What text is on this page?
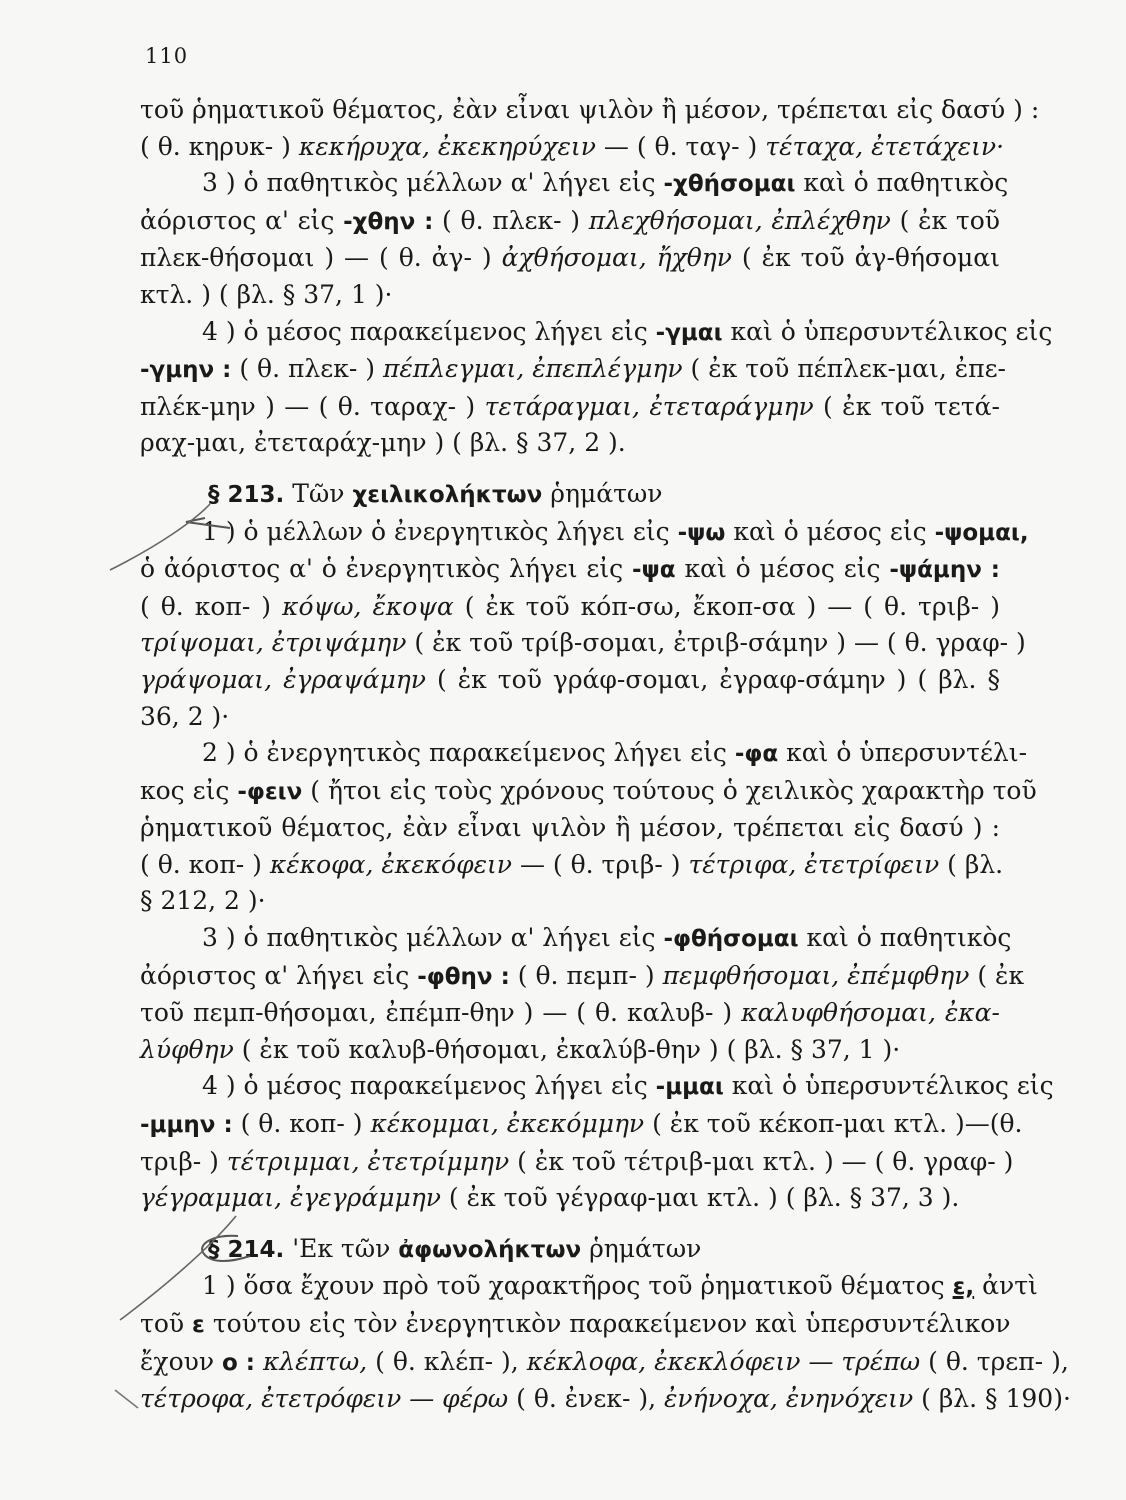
110
τοῦ ῥηματικοῦ θέματος, ἐὰν εἶναι ψιλὸν ἢ μέσον, τρέπεται εἰς δασύ ) :
( θ. κηρυκ- ) κεκήρυχα, ἐκεκηρύχειν — ( θ. ταγ- ) τέταχα, ἐτετάχειν·
3 ) ὁ παθητικὸς μέλλων α' λήγει εἰς -χθήσομαι καὶ ὁ παθητικὸς
ἀόριστος α' εἰς -χθην : ( θ. πλεκ- ) πλεχθήσομαι, ἐπλέχθην ( ἐκ τοῦ
πλεκ-θήσομαι ) — ( θ. ἀγ- ) ἀχθήσομαι, ἤχθην ( ἐκ τοῦ ἀγ-θήσομαι
κτλ. ) ( βλ. § 37, 1 )·
4 ) ὁ μέσος παρακείμενος λήγει εἰς -γμαι καὶ ὁ ὑπερσυντέλικος εἰς
-γμην : ( θ. πλεκ- ) πέπλεγμαι, ἐπεπλέγμην ( ἐκ τοῦ πέπλεκ-μαι, ἐπε-
πλέκ-μην ) — ( θ. ταραχ- ) τετάραγμαι, ἐτεταράγμην ( ἐκ τοῦ τετά-
ραχ-μαι, ἐτεταράχ-μην ) ( βλ. § 37, 2 ).
§ 213. Τῶν χειλικολήκτων ῥημάτων
1 ) ὁ μέλλων ὁ ἐνεργητικὸς λήγει εἰς -ψω καὶ ὁ μέσος εἰς -ψομαι,
ὁ ἀόριστος α' ὁ ἐνεργητικὸς λήγει εἰς -ψα καὶ ὁ μέσος εἰς -ψάμην :
( θ. κοπ- ) κόψω, ἔκοψα ( ἐκ τοῦ κόπ-σω, ἔκοπ-σα ) — ( θ. τριβ- )
τρίψομαι, ἐτριψάμην ( ἐκ τοῦ τρίβ-σομαι, ἐτριβ-σάμην ) — ( θ. γραφ- )
γράψομαι, ἐγραψάμην ( ἐκ τοῦ γράφ-σομαι, ἐγραφ-σάμην ) ( βλ. §
36, 2 )·
2 ) ὁ ἐνεργητικὸς παρακείμενος λήγει εἰς -φα καὶ ὁ ὑπερσυντέλι-
κος εἰς -φειν ( ἤτοι εἰς τοὺς χρόνους τούτους ὁ χειλικὸς χαρακτὴρ τοῦ
ῥηματικοῦ θέματος, ἐὰν εἶναι ψιλὸν ἢ μέσον, τρέπεται εἰς δασύ ) :
( θ. κοπ- ) κέκοφα, ἐκεκόφειν — ( θ. τριβ- ) τέτριφα, ἐτετρίφειν ( βλ.
§ 212, 2 )·
3 ) ὁ παθητικὸς μέλλων α' λήγει εἰς -φθήσομαι καὶ ὁ παθητικὸς
ἀόριστος α' λήγει εἰς -φθην : ( θ. πεμπ- ) πεμφθήσομαι, ἐπέμφθην ( ἐκ
τοῦ πεμπ-θήσομαι, ἐπέμπ-θην ) — ( θ. καλυβ- ) καλυφθήσομαι, ἐκα-
λύφθην ( ἐκ τοῦ καλυβ-θήσομαι, ἐκαλύβ-θην ) ( βλ. § 37, 1 )·
4 ) ὁ μέσος παρακείμενος λήγει εἰς -μμαι καὶ ὁ ὑπερσυντέλικος εἰς
-μμην : ( θ. κοπ- ) κέκομμαι, ἐκεκόμμην ( ἐκ τοῦ κέκοπ-μαι κτλ. )—(θ.
τριβ- ) τέτριμμαι, ἐτετρίμμην ( ἐκ τοῦ τέτριβ-μαι κτλ. ) — ( θ. γραφ- )
γέγραμμαι, ἐγεγράμμην ( ἐκ τοῦ γέγραφ-μαι κτλ. ) ( βλ. § 37, 3 ).
§ 214. 'Εκ τῶν ἀφωνολήκτων ῥημάτων
1 ) ὅσα ἔχουν πρὸ τοῦ χαρακτῆρος τοῦ ῥηματικοῦ θέματος ε, ἀντὶ
τοῦ ε τούτου εἰς τὸν ἐνεργητικὸν παρακείμενον καὶ ὑπερσυντέλικον
ἔχουν ο : κλέπτω, ( θ. κλέπ- ), κέκλοφα, ἐκεκλόφειν — τρέπω ( θ. τρεπ- ),
τέτροφα, ἐτετρόφειν — φέρω ( θ. ἐνεκ- ), ἐνήνοχα, ἐνηνόχειν ( βλ. § 190)·
